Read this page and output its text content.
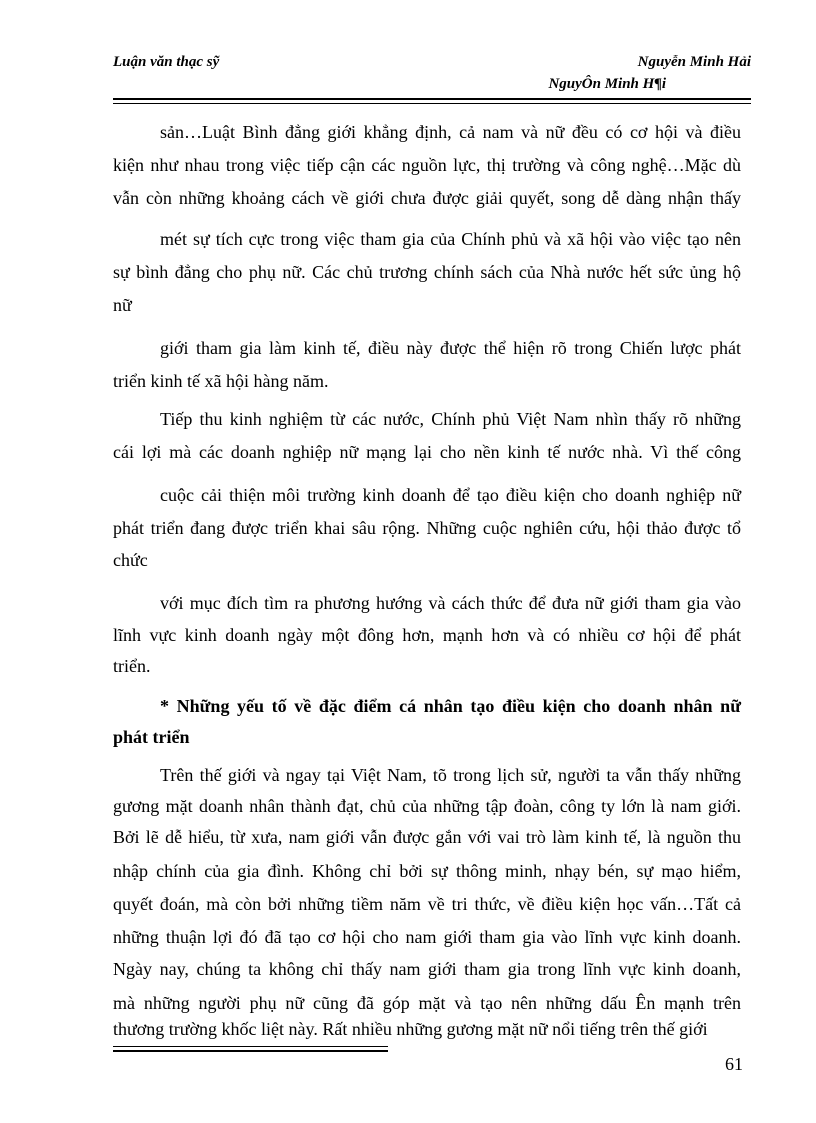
Luận văn thạc sỹ	Nguyễn Minh Hải
NguyÔn Minh H¶i
sản…Luật Bình đẳng giới khẳng định, cả nam và nữ đều có cơ hội và điều
kiện như nhau trong việc tiếp cận các nguồn lực, thị trường và công nghệ…Mặc dù
vẫn còn những khoảng cách về giới chưa được giải quyết, song dễ dàng nhận thấy
mét sự tích cực trong việc tham gia của Chính phủ và xã hội vào việc tạo nên
sự bình đẳng cho phụ nữ. Các chủ trương chính sách của Nhà nước hết sức ủng hộ
nữ
giới tham gia làm kinh tế, điều này được thể hiện rõ trong Chiến lược phát
triển kinh tế xã hội hàng năm.
Tiếp thu kinh nghiệm từ các nước, Chính phủ Việt Nam nhìn thấy rõ những
cái lợi mà các doanh nghiệp nữ mạng lại cho nền kinh tế nước nhà. Vì thế công
cuộc cải thiện môi trường kinh doanh để tạo điều kiện cho doanh nghiệp nữ
phát triển đang được triển khai sâu rộng. Những cuộc nghiên cứu, hội thảo được tổ
chức
với mục đích tìm ra phương hướng và cách thức để đưa nữ giới tham gia vào
lĩnh vực kinh doanh ngày một đông hơn, mạnh hơn và có nhiều cơ hội để phát
triển.
* Những yếu tố về đặc điểm cá nhân tạo điều kiện cho doanh nhân nữ
phát triển
Trên thế giới và ngay tại Việt Nam, tõ trong lịch sử, người ta vẫn thấy những
gương mặt doanh nhân thành đạt, chủ của những tập đoàn, công ty lớn là nam giới.
Bởi lẽ dễ hiểu, từ xưa, nam giới vẫn được gắn với vai trò làm kinh tế, là nguồn thu
nhập chính của gia đình. Không chỉ bởi sự thông minh, nhạy bén, sự mạo hiểm,
quyết đoán, mà còn bởi những tiềm năm về tri thức, về điều kiện học vấn…Tất cả
những thuận lợi đó đã tạo cơ hội cho nam giới tham gia vào lĩnh vực kinh doanh.
Ngày nay, chúng ta không chỉ thấy nam giới tham gia trong lĩnh vực kinh doanh,
mà những người phụ nữ cũng đã góp mặt và tạo nên những dấu Ên mạnh trên
thương trường khốc liệt này. Rất nhiều những gương mặt nữ nổi tiếng trên thế giới
61
